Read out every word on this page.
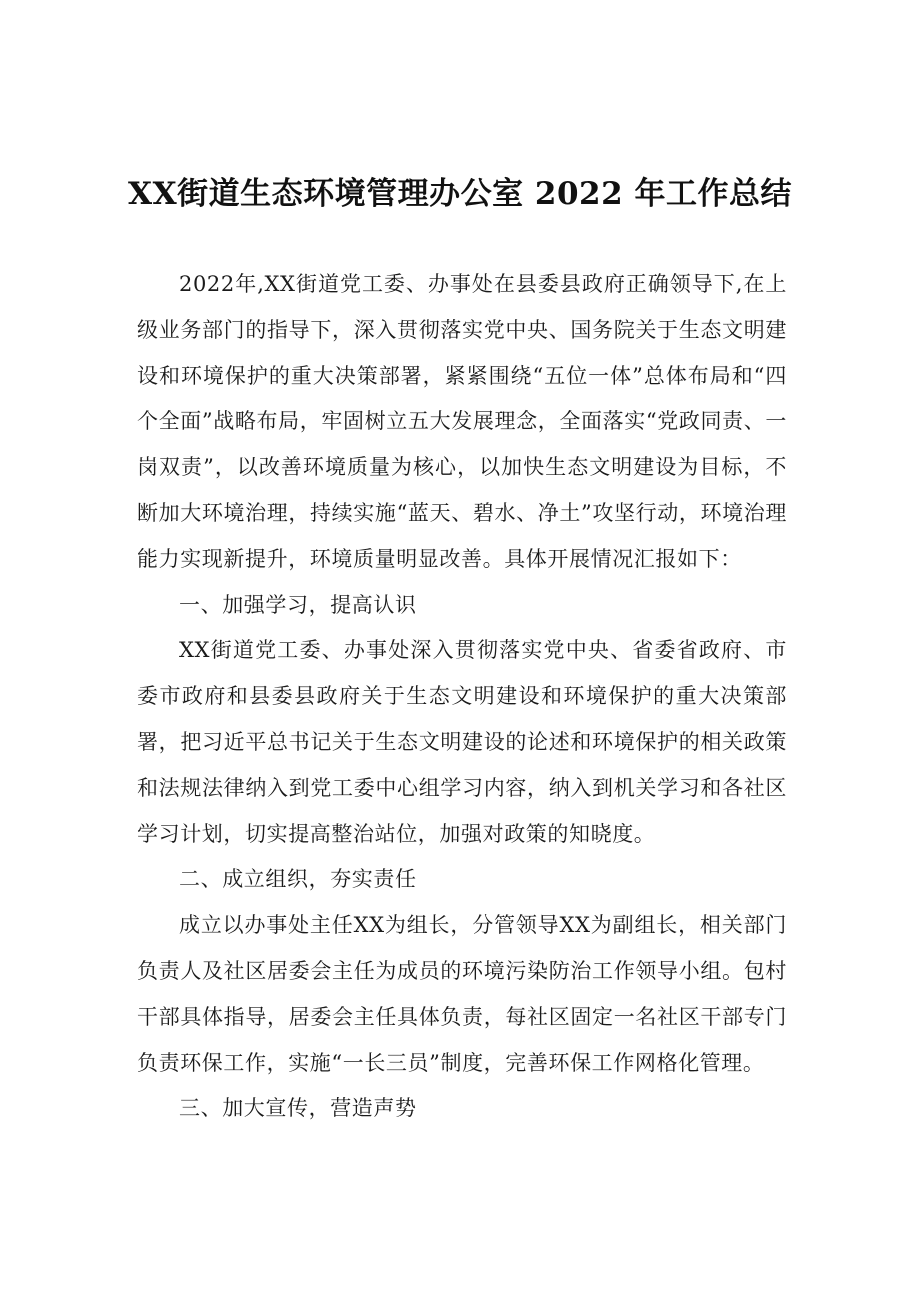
XX街道生态环境管理办公室 2022 年工作总结

2022年,XX街道党工委、办事处在县委县政府正确领导下,在上级业务部门的指导下，深入贯彻落实党中央、国务院关于生态文明建设和环境保护的重大决策部署，紧紧围绕“五位一体”总体布局和“四个全面”战略布局，牢固树立五大发展理念，全面落实“党政同责、一岗双责”，以改善环境质量为核心，以加快生态文明建设为目标，不断加大环境治理，持续实施“蓝天、碧水、净土”攻坚行动，环境治理能力实现新提升，环境质量明显改善。具体开展情况汇报如下：

一、加强学习，提高认识

XX街道党工委、办事处深入贯彻落实党中央、省委省政府、市委市政府和县委县政府关于生态文明建设和环境保护的重大决策部署，把习近平总书记关于生态文明建设的论述和环境保护的相关政策和法规法律纳入到党工委中心组学习内容，纳入到机关学习和各社区学习计划，切实提高整治站位，加强对政策的知晓度。

二、成立组织，夯实责任

成立以办事处主任XX为组长，分管领导XX为副组长，相关部门负责人及社区居委会主任为成员的环境污染防治工作领导小组。包村干部具体指导，居委会主任具体负责，每社区固定一名社区干部专门负责环保工作，实施“一长三员”制度，完善环保工作网格化管理。

三、加大宣传，营造声势
